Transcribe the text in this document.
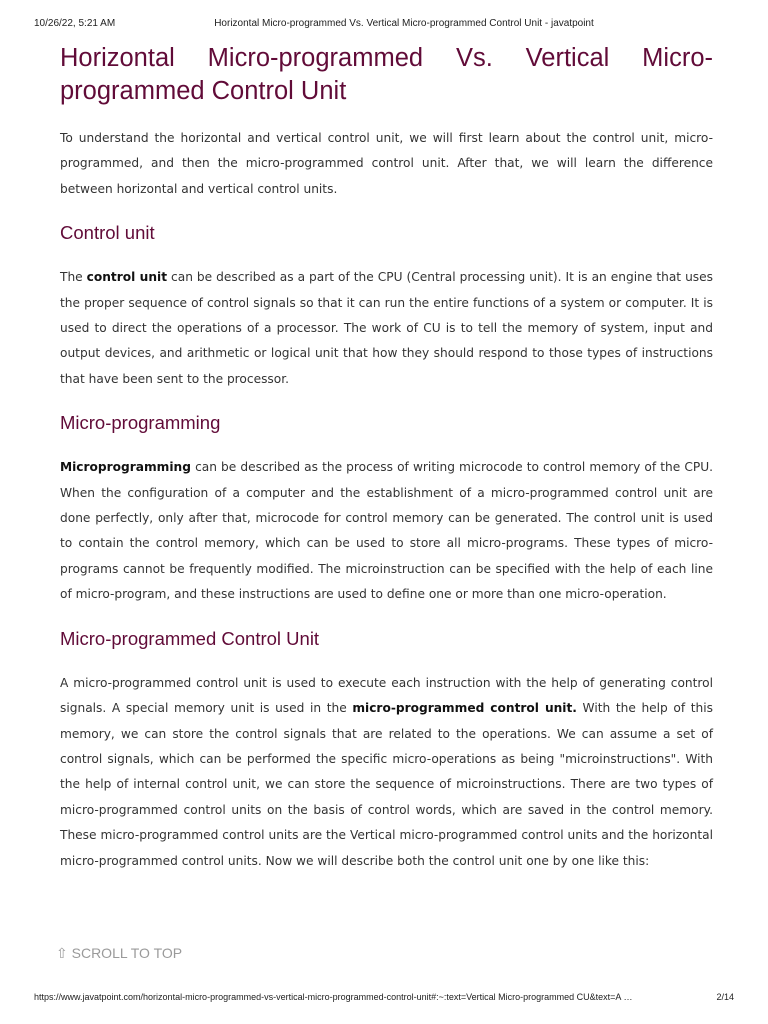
10/26/22, 5:21 AM	Horizontal Micro-programmed Vs. Vertical Micro-programmed Control Unit - javatpoint
Horizontal Micro-programmed Vs. Vertical Micro-programmed Control Unit

To understand the horizontal and vertical control unit, we will first learn about the control unit, micro-programmed, and then the micro-programmed control unit. After that, we will learn the difference between horizontal and vertical control units.

Control unit

The control unit can be described as a part of the CPU (Central processing unit). It is an engine that uses the proper sequence of control signals so that it can run the entire functions of a system or computer. It is used to direct the operations of a processor. The work of CU is to tell the memory of system, input and output devices, and arithmetic or logical unit that how they should respond to those types of instructions that have been sent to the processor.

Micro-programming

Microprogramming can be described as the process of writing microcode to control memory of the CPU. When the configuration of a computer and the establishment of a micro-programmed control unit are done perfectly, only after that, microcode for control memory can be generated. The control unit is used to contain the control memory, which can be used to store all micro-programs. These types of micro-programs cannot be frequently modified. The microinstruction can be specified with the help of each line of micro-program, and these instructions are used to define one or more than one micro-operation.

Micro-programmed Control Unit

A micro-programmed control unit is used to execute each instruction with the help of generating control signals. A special memory unit is used in the micro-programmed control unit. With the help of this memory, we can store the control signals that are related to the operations. We can assume a set of control signals, which can be performed the specific micro-operations as being "microinstructions". With the help of internal control unit, we can store the sequence of microinstructions. There are two types of micro-programmed control units on the basis of control words, which are saved in the control memory. These micro-programmed control units are the Vertical micro-programmed control units and the horizontal micro-programmed control units. Now we will describe both the control unit one by one like this:

⇧ SCROLL TO TOP
https://www.javatpoint.com/horizontal-micro-programmed-vs-vertical-micro-programmed-control-unit#:~:text=Vertical Micro-programmed CU&text=A …	2/14
